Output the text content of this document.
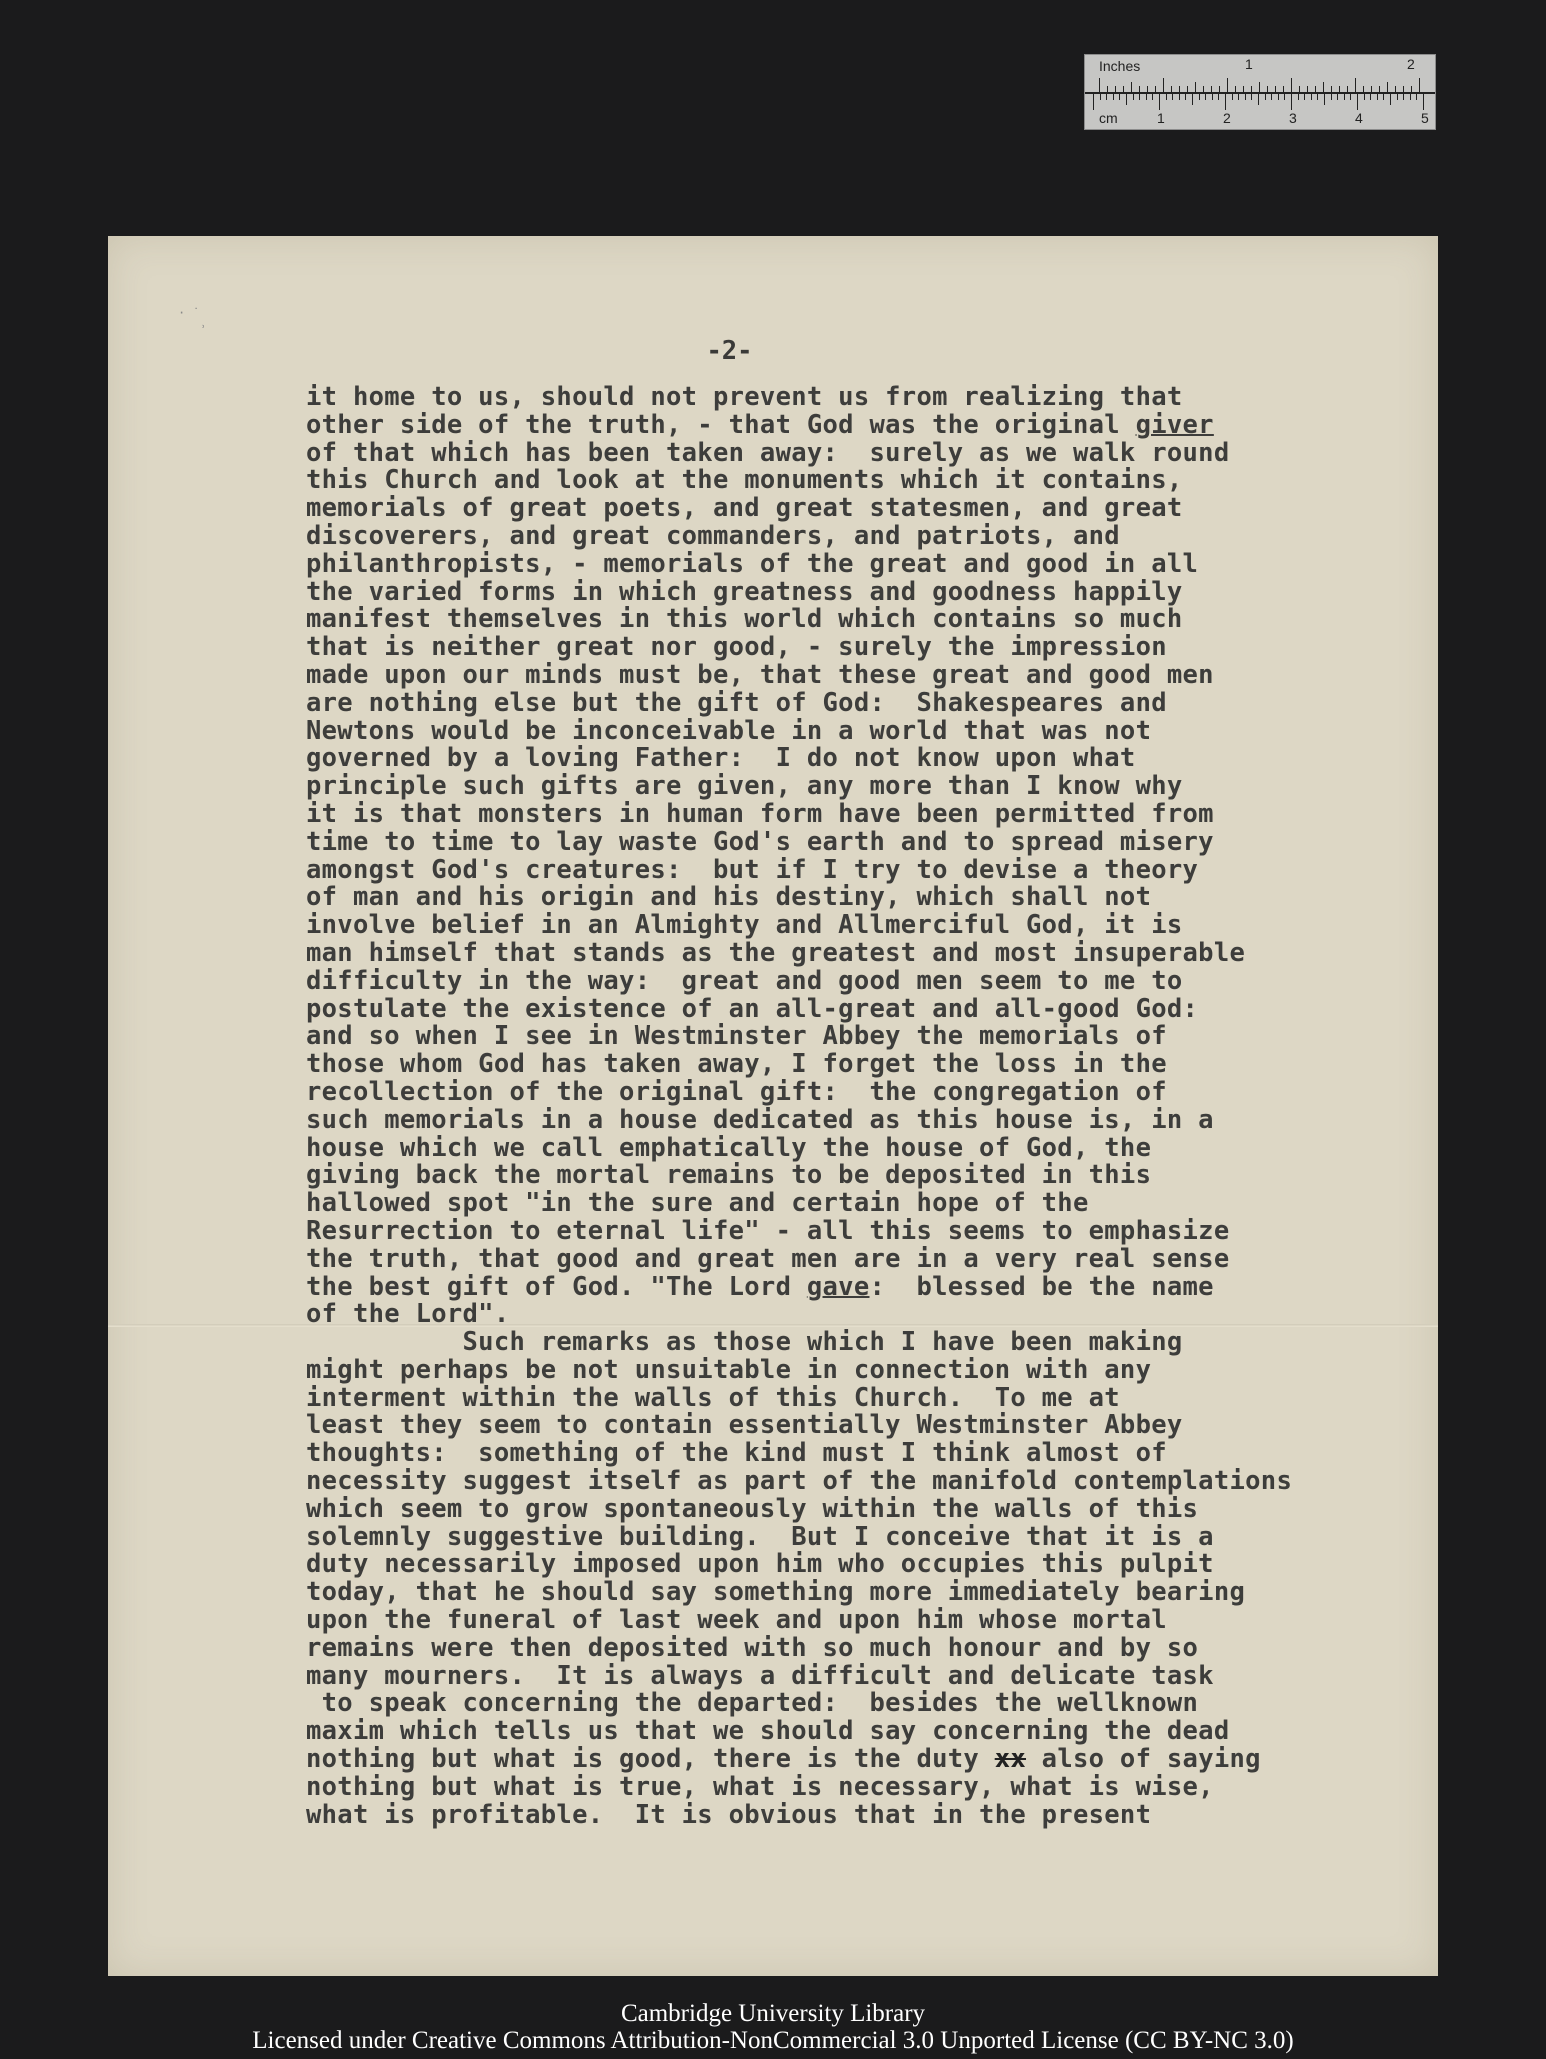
Inches	1	2
cm	1	2	3	4	5
-2-
it home to us, should not prevent us from realizing that
other side of the truth, - that God was the original giver
of that which has been taken away:  surely as we walk round
this Church and look at the monuments which it contains,
memorials of great poets, and great statesmen, and great
discoverers, and great commanders, and patriots, and
philanthropists, - memorials of the great and good in all
the varied forms in which greatness and goodness happily
manifest themselves in this world which contains so much
that is neither great nor good, - surely the impression
made upon our minds must be, that these great and good men
are nothing else but the gift of God:  Shakespeares and
Newtons would be inconceivable in a world that was not
governed by a loving Father:  I do not know upon what
principle such gifts are given, any more than I know why
it is that monsters in human form have been permitted from
time to time to lay waste God's earth and to spread misery
amongst God's creatures:  but if I try to devise a theory
of man and his origin and his destiny, which shall not
involve belief in an Almighty and Allmerciful God, it is
man himself that stands as the greatest and most insuperable
difficulty in the way:  great and good men seem to me to
postulate the existence of an all-great and all-good God:
and so when I see in Westminster Abbey the memorials of
those whom God has taken away, I forget the loss in the
recollection of the original gift:  the congregation of
such memorials in a house dedicated as this house is, in a
house which we call emphatically the house of God, the
giving back the mortal remains to be deposited in this
hallowed spot "in the sure and certain hope of the
Resurrection to eternal life" - all this seems to emphasize
the truth, that good and great men are in a very real sense
the best gift of God. "The Lord gave:  blessed be the name
of the Lord".
Such remarks as those which I have been making
might perhaps be not unsuitable in connection with any
interment within the walls of this Church.  To me at
least they seem to contain essentially Westminster Abbey
thoughts:  something of the kind must I think almost of
necessity suggest itself as part of the manifold contemplations
which seem to grow spontaneously within the walls of this
solemnly suggestive building.  But I conceive that it is a
duty necessarily imposed upon him who occupies this pulpit
today, that he should say something more immediately bearing
upon the funeral of last week and upon him whose mortal
remains were then deposited with so much honour and by so
many mourners.  It is always a difficult and delicate task
to speak concerning the departed:  besides the wellknown
maxim which tells us that we should say concerning the dead
nothing but what is good, there is the duty xx also of saying
nothing but what is true, what is necessary, what is wise,
what is profitable.  It is obvious that in the present
· ˙
˒
Cambridge University Library
Licensed under Creative Commons Attribution-NonCommercial 3.0 Unported License (CC BY-NC 3.0)
